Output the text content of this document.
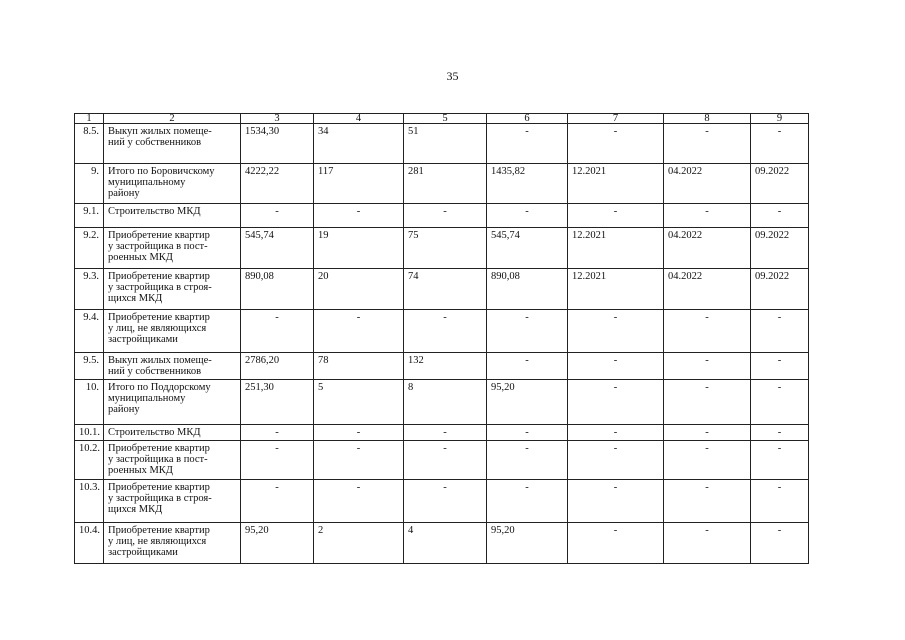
35
1	2	3	4	5	6	7	8	9
8.5.	Выкуп жилых помеще-
ний у собственников	1534,30	34	51	-	-	-	-
9.	Итого по Боровичскому
муниципальному
району	4222,22	117	281	1435,82	12.2021	04.2022	09.2022
9.1.	Строительство МКД	-	-	-	-	-	-	-
9.2.	Приобретение квартир
у застройщика в пост-
роенных МКД	545,74	19	75	545,74	12.2021	04.2022	09.2022
9.3.	Приобретение квартир
у застройщика в строя-
щихся МКД	890,08	20	74	890,08	12.2021	04.2022	09.2022
9.4.	Приобретение квартир
у лиц, не являющихся
застройщиками	-	-	-	-	-	-	-
9.5.	Выкуп жилых помеще-
ний у собственников	2786,20	78	132	-	-	-	-
10.	Итого по Поддорскому
муниципальному
району	251,30	5	8	95,20	-	-	-
10.1.	Строительство МКД	-	-	-	-	-	-	-
10.2.	Приобретение квартир
у застройщика в пост-
роенных МКД	-	-	-	-	-	-	-
10.3.	Приобретение квартир
у застройщика в строя-
щихся МКД	-	-	-	-	-	-	-
10.4.	Приобретение квартир
у лиц, не являющихся
застройщиками	95,20	2	4	95,20	-	-	-
